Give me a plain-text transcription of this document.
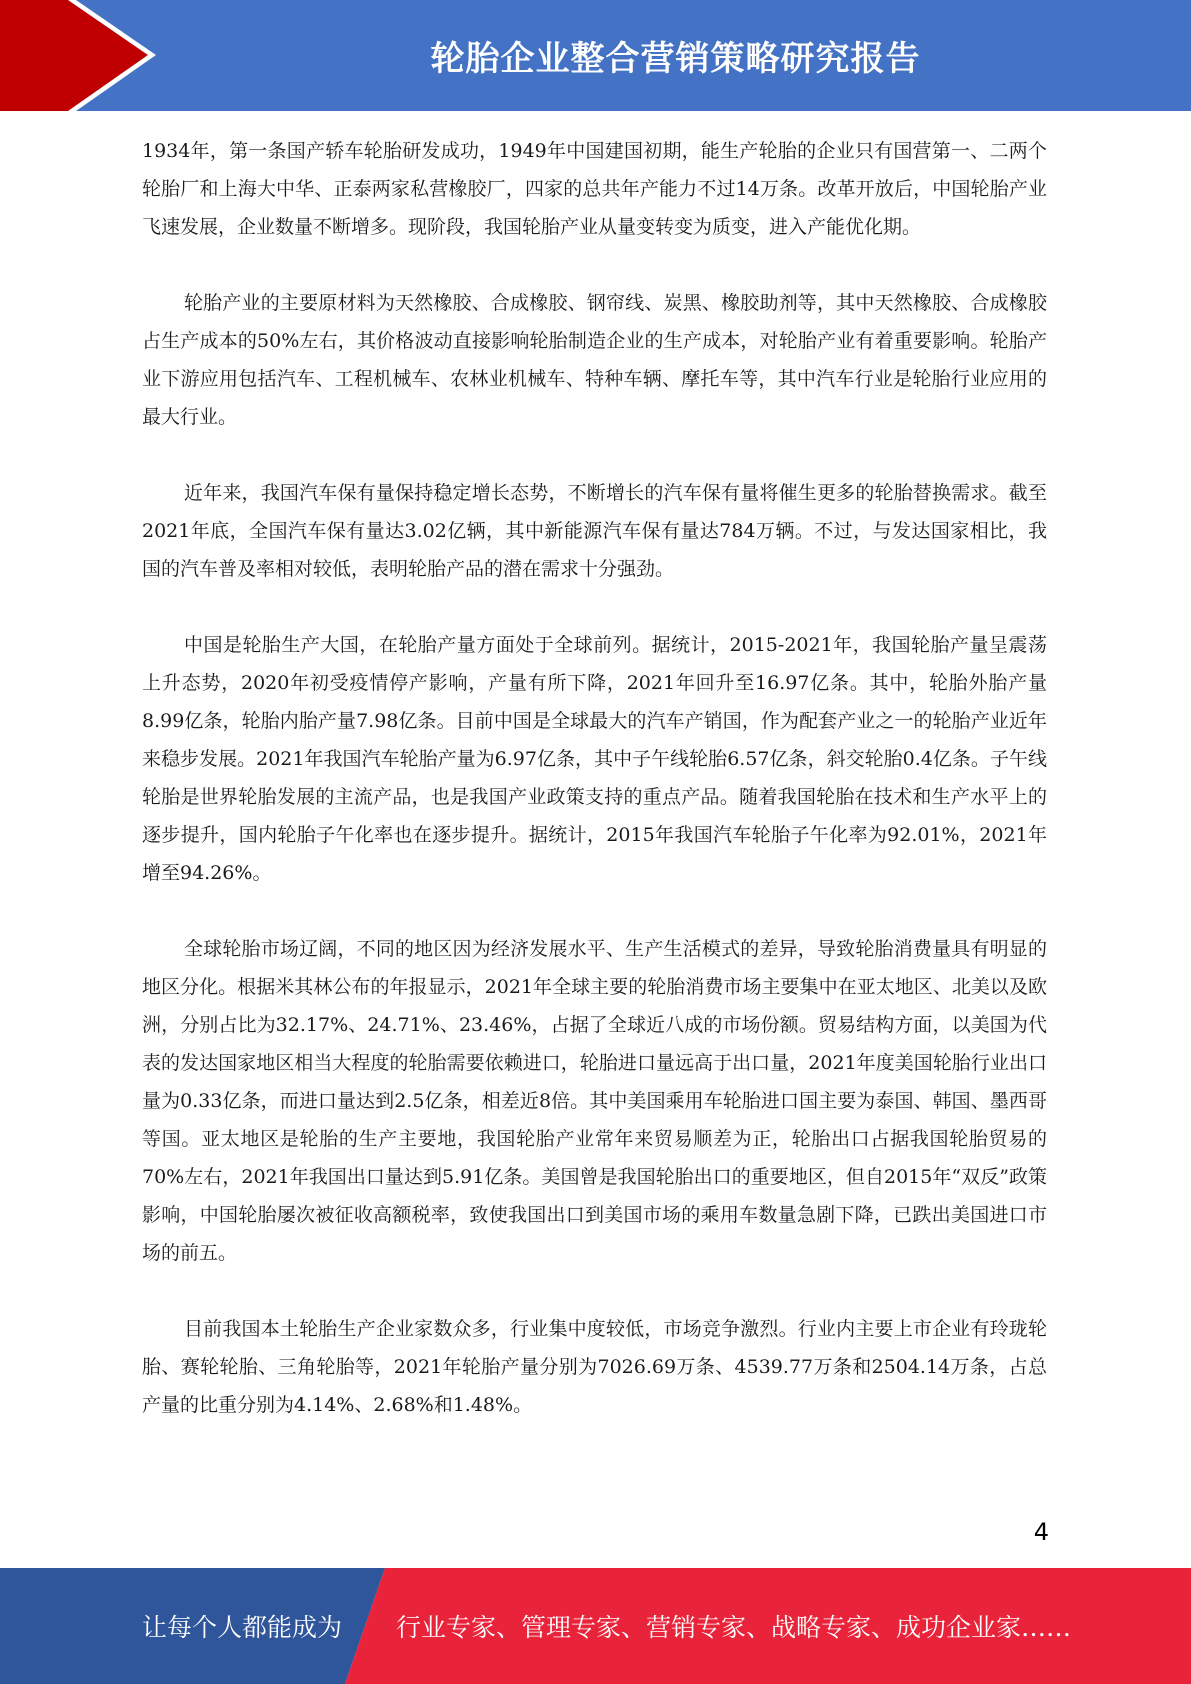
轮胎企业整合营销策略研究报告

1934年，第一条国产轿车轮胎研发成功，1949年中国建国初期，能生产轮胎的企业只有国营第一、二两个轮胎厂和上海大中华、正泰两家私营橡胶厂，四家的总共年产能力不过14万条。改革开放后，中国轮胎产业飞速发展，企业数量不断增多。现阶段，我国轮胎产业从量变转变为质变，进入产能优化期。

轮胎产业的主要原材料为天然橡胶、合成橡胶、钢帘线、炭黑、橡胶助剂等，其中天然橡胶、合成橡胶占生产成本的50%左右，其价格波动直接影响轮胎制造企业的生产成本，对轮胎产业有着重要影响。轮胎产业下游应用包括汽车、工程机械车、农林业机械车、特种车辆、摩托车等，其中汽车行业是轮胎行业应用的最大行业。

近年来，我国汽车保有量保持稳定增长态势，不断增长的汽车保有量将催生更多的轮胎替换需求。截至2021年底，全国汽车保有量达3.02亿辆，其中新能源汽车保有量达784万辆。不过，与发达国家相比，我国的汽车普及率相对较低，表明轮胎产品的潜在需求十分强劲。

中国是轮胎生产大国，在轮胎产量方面处于全球前列。据统计，2015-2021年，我国轮胎产量呈震荡上升态势，2020年初受疫情停产影响，产量有所下降，2021年回升至16.97亿条。其中，轮胎外胎产量8.99亿条，轮胎内胎产量7.98亿条。目前中国是全球最大的汽车产销国，作为配套产业之一的轮胎产业近年来稳步发展。2021年我国汽车轮胎产量为6.97亿条，其中子午线轮胎6.57亿条，斜交轮胎0.4亿条。子午线轮胎是世界轮胎发展的主流产品，也是我国产业政策支持的重点产品。随着我国轮胎在技术和生产水平上的逐步提升，国内轮胎子午化率也在逐步提升。据统计，2015年我国汽车轮胎子午化率为92.01%，2021年增至94.26%。

全球轮胎市场辽阔，不同的地区因为经济发展水平、生产生活模式的差异，导致轮胎消费量具有明显的地区分化。根据米其林公布的年报显示，2021年全球主要的轮胎消费市场主要集中在亚太地区、北美以及欧洲，分别占比为32.17%、24.71%、23.46%，占据了全球近八成的市场份额。贸易结构方面，以美国为代表的发达国家地区相当大程度的轮胎需要依赖进口，轮胎进口量远高于出口量，2021年度美国轮胎行业出口量为0.33亿条，而进口量达到2.5亿条，相差近8倍。其中美国乘用车轮胎进口国主要为泰国、韩国、墨西哥等国。亚太地区是轮胎的生产主要地，我国轮胎产业常年来贸易顺差为正，轮胎出口占据我国轮胎贸易的70%左右，2021年我国出口量达到5.91亿条。美国曾是我国轮胎出口的重要地区，但自2015年“双反”政策影响，中国轮胎屡次被征收高额税率，致使我国出口到美国市场的乘用车数量急剧下降，已跌出美国进口市场的前五。

目前我国本土轮胎生产企业家数众多，行业集中度较低，市场竞争激烈。行业内主要上市企业有玲珑轮胎、赛轮轮胎、三角轮胎等，2021年轮胎产量分别为7026.69万条、4539.77万条和2504.14万条，占总产量的比重分别为4.14%、2.68%和1.48%。

4
让每个人都能成为 行业专家、管理专家、营销专家、战略专家、成功企业家……
